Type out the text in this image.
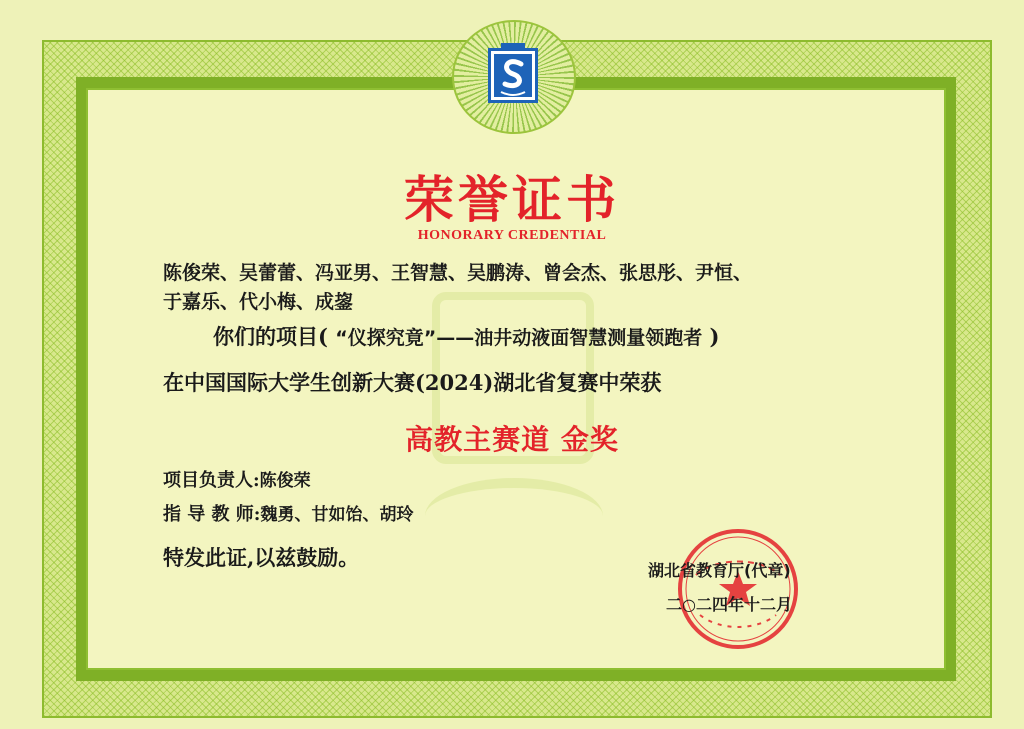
荣誉证书
HONORARY CREDENTIAL
陈俊荣、吴蕾蕾、冯亚男、王智慧、吴鹏涛、曾会杰、张思彤、尹恒、
于嘉乐、代小梅、成鋆
你们的项目( “仪探究竟”——油井动液面智慧测量领跑者 )
在中国国际大学生创新大赛(2024)湖北省复赛中荣获
高教主赛道 金奖
项目负责人:陈俊荣
指 导 教 师:魏勇、甘如饴、胡玲
特发此证,以兹鼓励。
湖北省教育厅(代章)
二○二四年十二月
